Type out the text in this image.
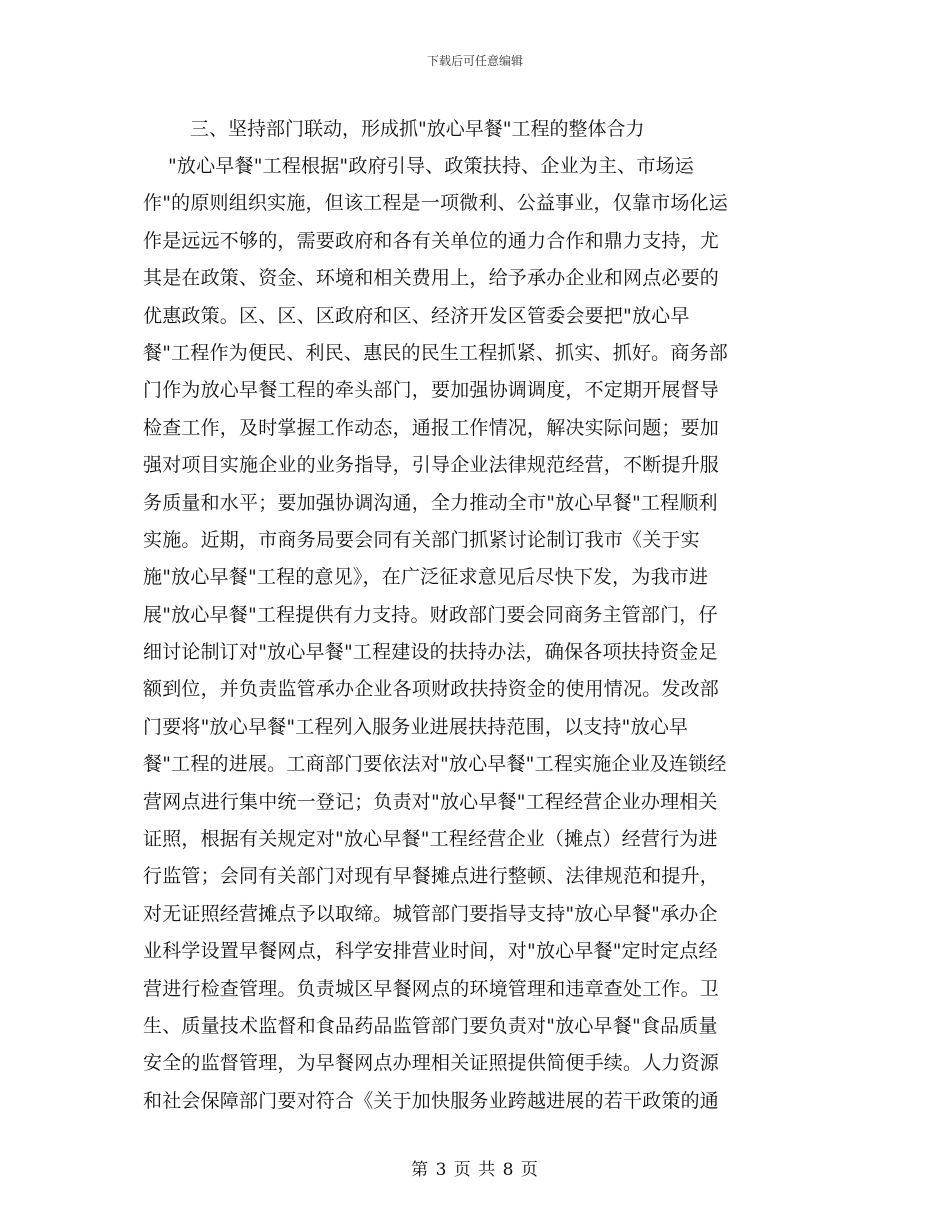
下载后可任意编辑
三、坚持部门联动，形成抓"放心早餐"工程的整体合力
"放心早餐"工程根据"政府引导、政策扶持、企业为主、市场运
作"的原则组织实施，但该工程是一项微利、公益事业，仅靠市场化运
作是远远不够的，需要政府和各有关单位的通力合作和鼎力支持，尤
其是在政策、资金、环境和相关费用上，给予承办企业和网点必要的
优惠政策。区、区、区政府和区、经济开发区管委会要把"放心早
餐"工程作为便民、利民、惠民的民生工程抓紧、抓实、抓好。商务部
门作为放心早餐工程的牵头部门，要加强协调调度，不定期开展督导
检查工作，及时掌握工作动态，通报工作情况，解决实际问题；要加
强对项目实施企业的业务指导，引导企业法律规范经营，不断提升服
务质量和水平；要加强协调沟通，全力推动全市"放心早餐"工程顺利
实施。近期，市商务局要会同有关部门抓紧讨论制订我市《关于实
施"放心早餐"工程的意见》，在广泛征求意见后尽快下发，为我市进
展"放心早餐"工程提供有力支持。财政部门要会同商务主管部门，仔
细讨论制订对"放心早餐"工程建设的扶持办法，确保各项扶持资金足
额到位，并负责监管承办企业各项财政扶持资金的使用情况。发改部
门要将"放心早餐"工程列入服务业进展扶持范围，以支持"放心早
餐"工程的进展。工商部门要依法对"放心早餐"工程实施企业及连锁经
营网点进行集中统一登记；负责对"放心早餐"工程经营企业办理相关
证照，根据有关规定对"放心早餐"工程经营企业（摊点）经营行为进
行监管；会同有关部门对现有早餐摊点进行整顿、法律规范和提升，
对无证照经营摊点予以取缔。城管部门要指导支持"放心早餐"承办企
业科学设置早餐网点，科学安排营业时间，对"放心早餐"定时定点经
营进行检查管理。负责城区早餐网点的环境管理和违章查处工作。卫
生、质量技术监督和食品药品监管部门要负责对"放心早餐"食品质量
安全的监督管理，为早餐网点办理相关证照提供简便手续。人力资源
和社会保障部门要对符合《关于加快服务业跨越进展的若干政策的通
第 3 页 共 8 页
